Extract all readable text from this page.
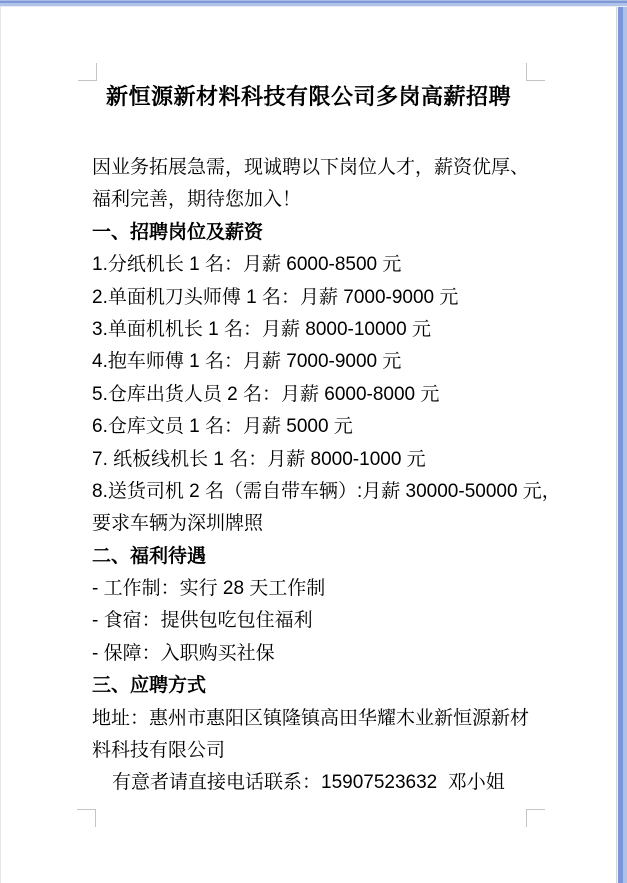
新恒源新材料科技有限公司多岗高薪招聘
因业务拓展急需，现诚聘以下岗位人才，薪资优厚、
福利完善，期待您加入！
一、招聘岗位及薪资
1.分纸机长 1 名：月薪 6000-8500 元
2.单面机刀头师傅 1 名：月薪 7000-9000 元
3.单面机机长 1 名：月薪 8000-10000 元
4.抱车师傅 1 名：月薪 7000-9000 元
5.仓库出货人员 2 名：月薪 6000-8000 元
6.仓库文员 1 名：月薪 5000 元
7. 纸板线机长 1 名：月薪 8000-1000 元
8.送货司机 2 名（需自带车辆）:月薪 30000-50000 元，
要求车辆为深圳牌照
二、福利待遇
- 工作制：实行 28 天工作制
- 食宿：提供包吃包住福利
- 保障：入职购买社保
三、应聘方式
地址：惠州市惠阳区镇隆镇高田华耀木业新恒源新材
料科技有限公司
有意者请直接电话联系：15907523632  邓小姐
